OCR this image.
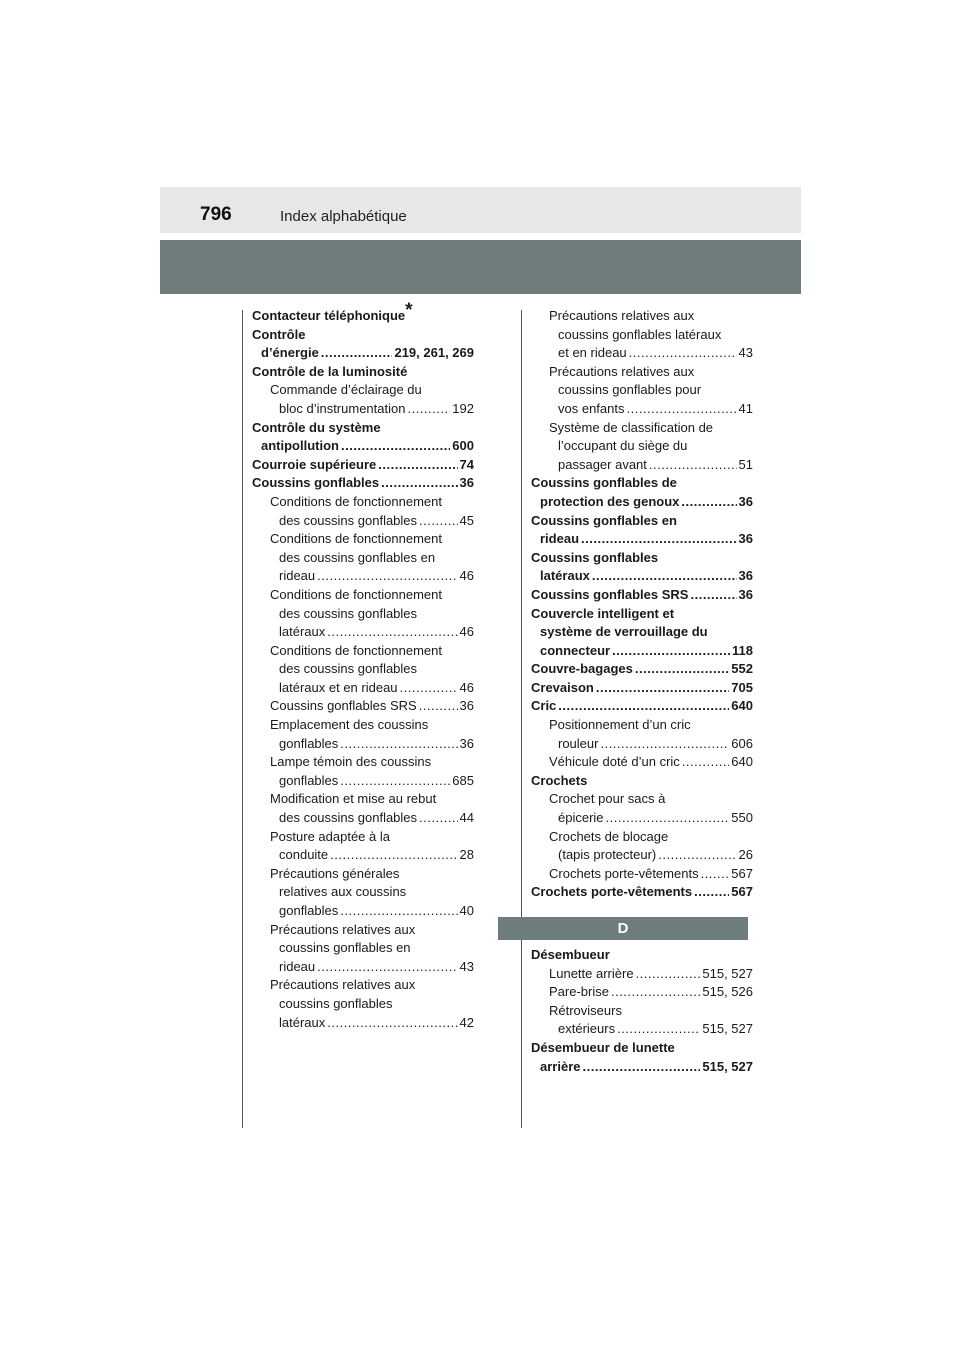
796	Index alphabétique
Contacteur téléphonique*
Contrôle
d’énergie .....	219, 261, 269
Contrôle de la luminosité
Commande d’éclairage du
bloc d’instrumentation .....	192
Contrôle du système
antipollution .....	600
Courroie supérieure .....	74
Coussins gonflables .....	36
Conditions de fonctionnement
des coussins gonflables .....	45
Conditions de fonctionnement
des coussins gonflables en
rideau .....	46
Conditions de fonctionnement
des coussins gonflables
latéraux .....	46
Conditions de fonctionnement
des coussins gonflables
latéraux et en rideau .....	46
Coussins gonflables SRS .....	36
Emplacement des coussins
gonflables .....	36
Lampe témoin des coussins
gonflables .....	685
Modification et mise au rebut
des coussins gonflables .....	44
Posture adaptée à la
conduite .....	28
Précautions générales
relatives aux coussins
gonflables .....	40
Précautions relatives aux
coussins gonflables en
rideau .....	43
Précautions relatives aux
coussins gonflables
latéraux .....	42
Précautions relatives aux
coussins gonflables latéraux
et en rideau .....	43
Précautions relatives aux
coussins gonflables pour
vos enfants .....	41
Système de classification de
l’occupant du siège du
passager avant .....	51
Coussins gonflables de
protection des genoux .....	36
Coussins gonflables en
rideau .....	36
Coussins gonflables
latéraux .....	36
Coussins gonflables SRS .....	36
Couvercle intelligent et
système de verrouillage du
connecteur .....	118
Couvre-bagages .....	552
Crevaison .....	705
Cric .....	640
Positionnement d’un cric
rouleur .....	606
Véhicule doté d’un cric .....	640
Crochets
Crochet pour sacs à
épicerie .....	550
Crochets de blocage
(tapis protecteur) .....	26
Crochets porte-vêtements .....	567
Crochets porte-vêtements .....	567
D
Désembueur
Lunette arrière .....	515, 527
Pare-brise .....	515, 526
Rétroviseurs
extérieurs .....	515, 527
Désembueur de lunette
arrière .....	515, 527
